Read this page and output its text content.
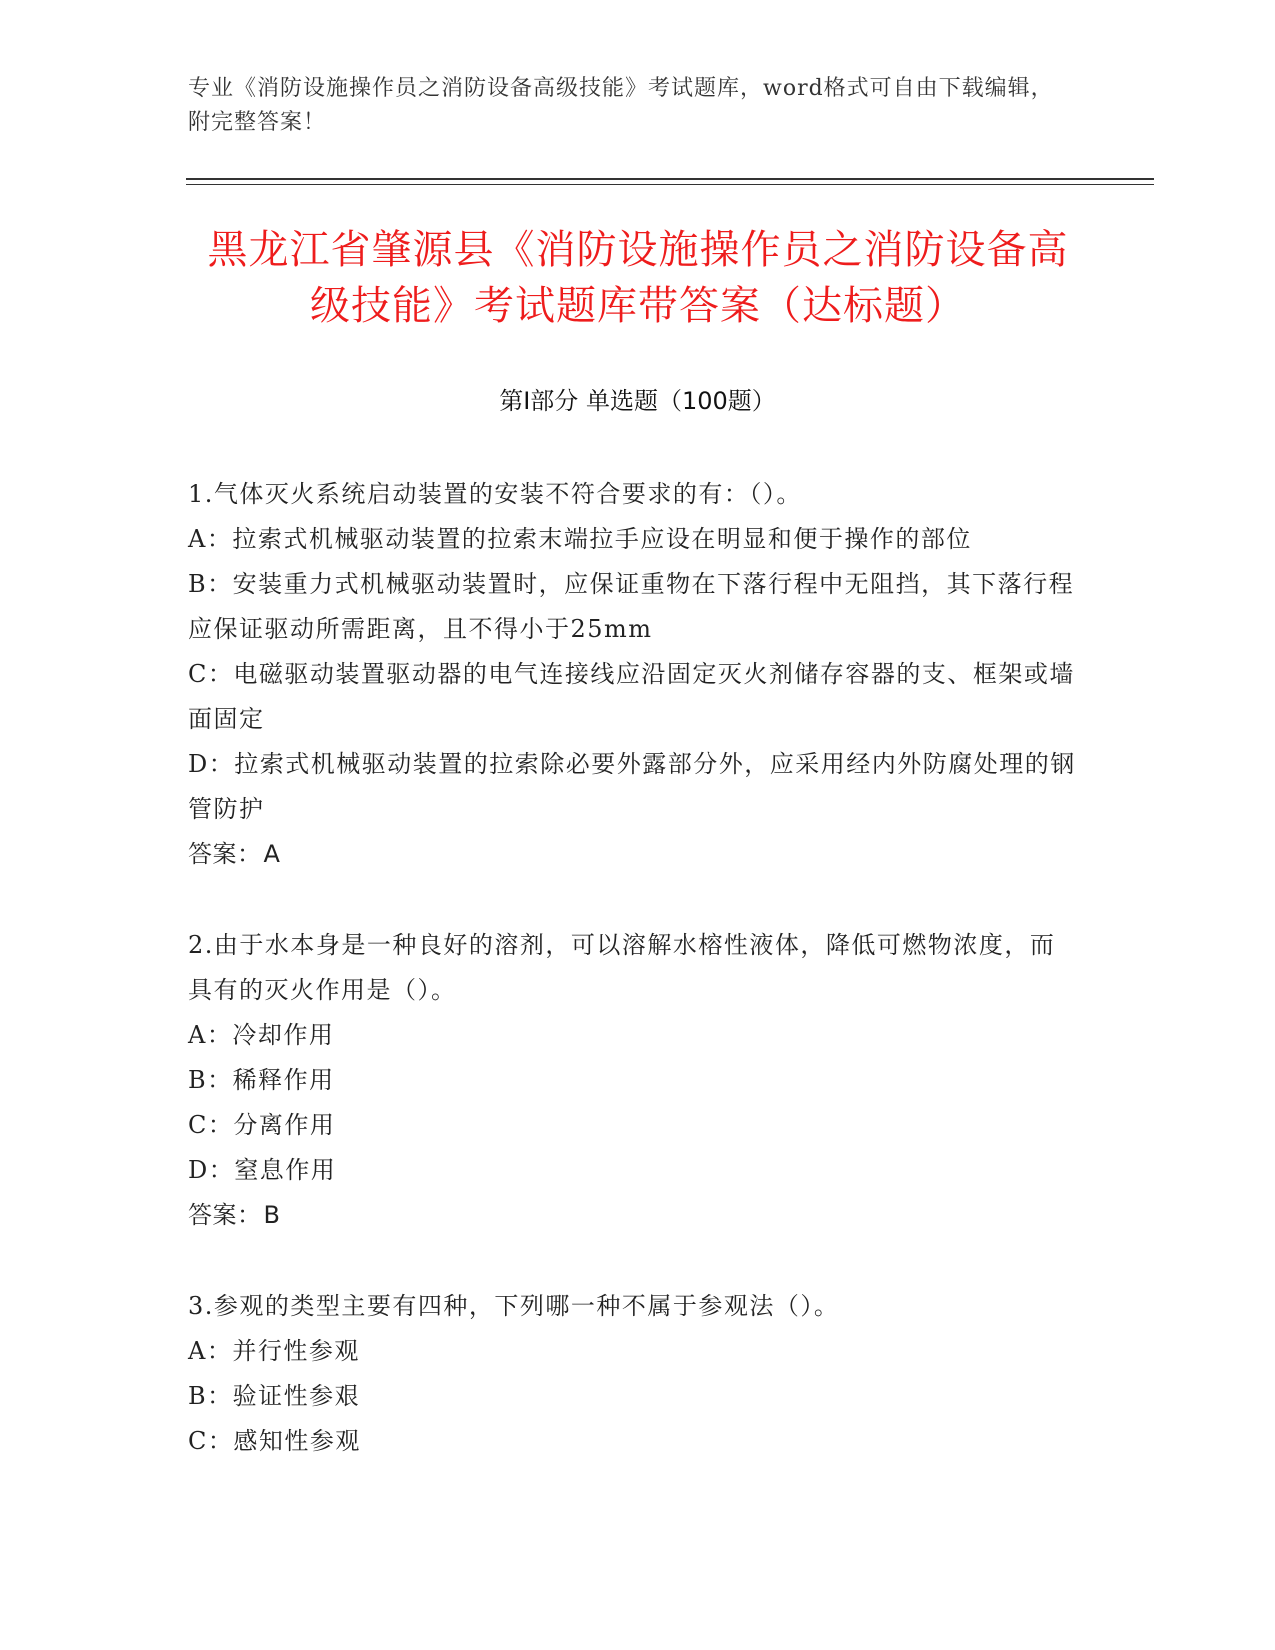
专业《消防设施操作员之消防设备高级技能》考试题库，word格式可自由下载编辑，附完整答案！
黑龙江省肇源县《消防设施操作员之消防设备高级技能》考试题库带答案（达标题）
第Ⅰ部分 单选题（100题）

1.气体灭火系统启动装置的安装不符合要求的有：（）。

A：拉索式机械驱动装置的拉索末端拉手应设在明显和便于操作的部位

B：安装重力式机械驱动装置时，应保证重物在下落行程中无阻挡，其下落行程应保证驱动所需距离，且不得小于25mm

C：电磁驱动装置驱动器的电气连接线应沿固定灭火剂储存容器的支、框架或墙面固定

D：拉索式机械驱动装置的拉索除必要外露部分外，应采用经内外防腐处理的钢管防护

答案：A

2.由于水本身是一种良好的溶剂，可以溶解水榕性液体，降低可燃物浓度，而具有的灭火作用是（）。

A：冷却作用

B：稀释作用

C：分离作用

D：窒息作用

答案：B

3.参观的类型主要有四种，下列哪一种不属于参观法（）。

A：并行性参观

B：验证性参艰

C：感知性参观
